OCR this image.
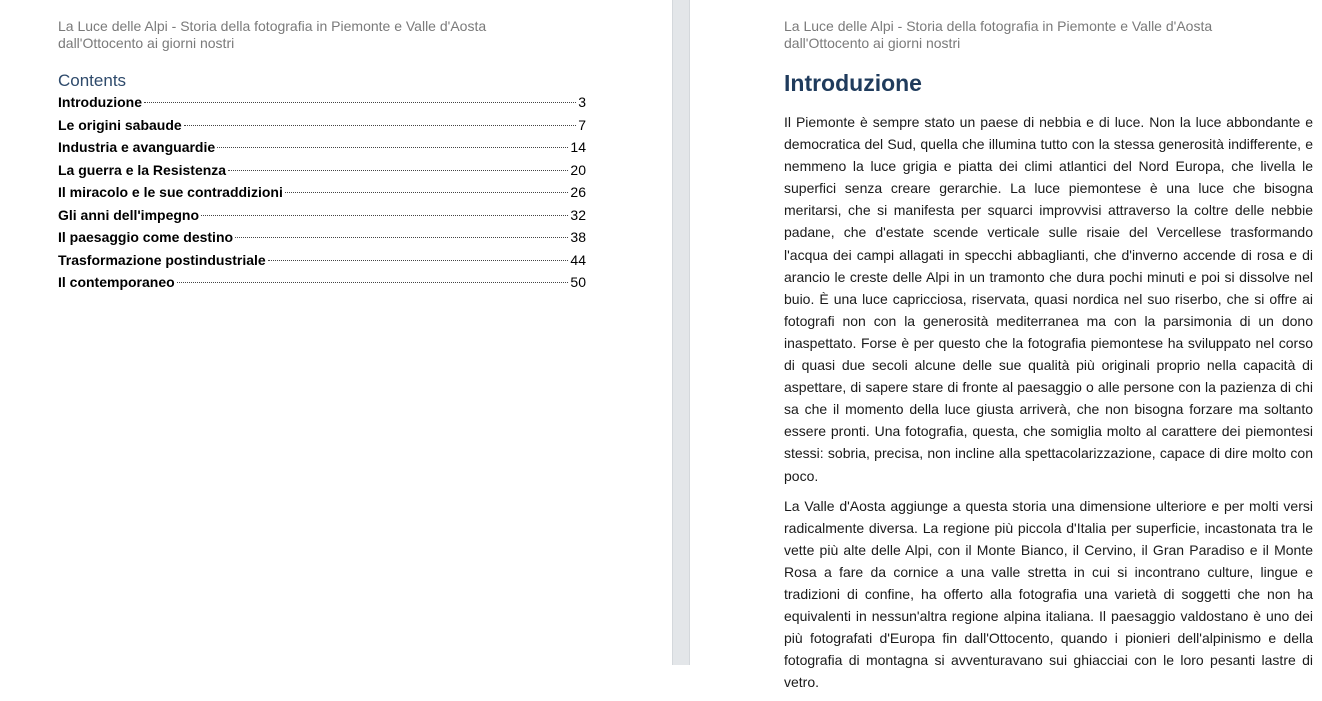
La Luce delle Alpi - Storia della fotografia in Piemonte e Valle d'Aosta
dall'Ottocento ai giorni nostri
Contents
Introduzione	3
Le origini sabaude	7
Industria e avanguardie	14
La guerra e la Resistenza	20
Il miracolo e le sue contraddizioni	26
Gli anni dell'impegno	32
Il paesaggio come destino	38
Trasformazione postindustriale	44
Il contemporaneo	50
La Luce delle Alpi - Storia della fotografia in Piemonte e Valle d'Aosta
dall'Ottocento ai giorni nostri
Introduzione

Il Piemonte è sempre stato un paese di nebbia e di luce. Non la luce abbondante e democratica del Sud, quella che illumina tutto con la stessa generosità indifferente, e nemmeno la luce grigia e piatta dei climi atlantici del Nord Europa, che livella le superfici senza creare gerarchie. La luce piemontese è una luce che bisogna meritarsi, che si manifesta per squarci improvvisi attraverso la coltre delle nebbie padane, che d'estate scende verticale sulle risaie del Vercellese trasformando l'acqua dei campi allagati in specchi abbaglianti, che d'inverno accende di rosa e di arancio le creste delle Alpi in un tramonto che dura pochi minuti e poi si dissolve nel buio. È una luce capricciosa, riservata, quasi nordica nel suo riserbo, che si offre ai fotografi non con la generosità mediterranea ma con la parsimonia di un dono inaspettato. Forse è per questo che la fotografia piemontese ha sviluppato nel corso di quasi due secoli alcune delle sue qualità più originali proprio nella capacità di aspettare, di sapere stare di fronte al paesaggio o alle persone con la pazienza di chi sa che il momento della luce giusta arriverà, che non bisogna forzare ma soltanto essere pronti. Una fotografia, questa, che somiglia molto al carattere dei piemontesi stessi: sobria, precisa, non incline alla spettacolarizzazione, capace di dire molto con poco.

La Valle d'Aosta aggiunge a questa storia una dimensione ulteriore e per molti versi radicalmente diversa. La regione più piccola d'Italia per superficie, incastonata tra le vette più alte delle Alpi, con il Monte Bianco, il Cervino, il Gran Paradiso e il Monte Rosa a fare da cornice a una valle stretta in cui si incontrano culture, lingue e tradizioni di confine, ha offerto alla fotografia una varietà di soggetti che non ha equivalenti in nessun'altra regione alpina italiana. Il paesaggio valdostano è uno dei più fotografati d'Europa fin dall'Ottocento, quando i pionieri dell'alpinismo e della fotografia di montagna si avventuravano sui ghiacciai con le loro pesanti lastre di vetro.
